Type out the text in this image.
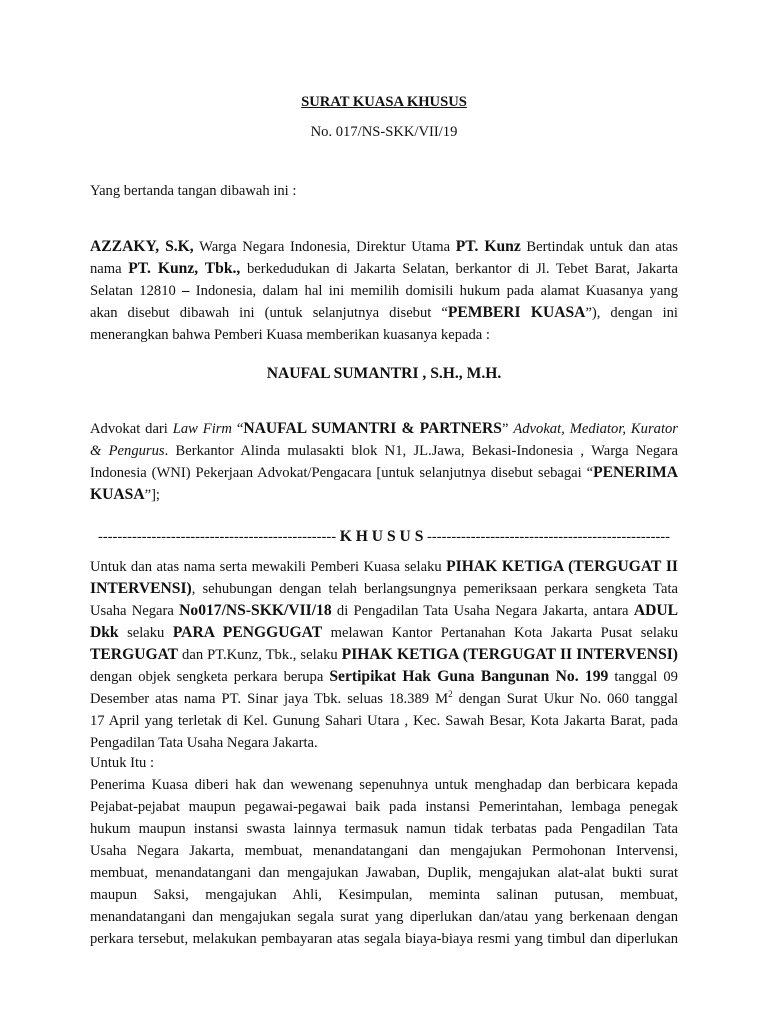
SURAT KUASA KHUSUS

No. 017/NS-SKK/VII/19

Yang bertanda tangan dibawah ini :

AZZAKY, S.K, Warga Negara Indonesia, Direktur Utama PT. Kunz Bertindak untuk dan atas
nama PT. Kunz, Tbk., berkedudukan di Jakarta Selatan, berkantor di Jl. Tebet Barat, Jakarta
Selatan 12810 – Indonesia, dalam hal ini memilih domisili hukum pada alamat Kuasanya yang
akan disebut dibawah ini (untuk selanjutnya disebut “PEMBERI KUASA”), dengan ini
menerangkan bahwa Pemberi Kuasa memberikan kuasanya kepada :

NAUFAL SUMANTRI , S.H., M.H.

Advokat dari Law Firm “NAUFAL SUMANTRI & PARTNERS” Advokat, Mediator, Kurator
& Pengurus. Berkantor Alinda mulasakti blok N1, JL.Jawa, Bekasi-Indonesia , Warga Negara
Indonesia (WNI) Pekerjaan Advokat/Pengacara [untuk selanjutnya disebut sebagai “PENERIMA
KUASA”];

------------------------------------------------- K H U S U S --------------------------------------------------

Untuk dan atas nama serta mewakili Pemberi Kuasa selaku PIHAK KETIGA (TERGUGAT II
INTERVENSI), sehubungan dengan telah berlangsungnya pemeriksaan perkara sengketa Tata
Usaha Negara No017/NS-SKK/VII/18 di Pengadilan Tata Usaha Negara Jakarta, antara ADUL
Dkk selaku PARA PENGGUGAT melawan Kantor Pertanahan Kota Jakarta Pusat selaku
TERGUGAT dan PT.Kunz, Tbk., selaku PIHAK KETIGA (TERGUGAT II INTERVENSI)
dengan objek sengketa perkara berupa Sertipikat Hak Guna Bangunan No. 199 tanggal 09
Desember atas nama PT. Sinar jaya Tbk. seluas 18.389 $M^2$ dengan Surat Ukur No. 060 tanggal
17 April yang terletak di Kel. Gunung Sahari Utara , Kec. Sawah Besar, Kota Jakarta Barat, pada
Pengadilan Tata Usaha Negara Jakarta.

Untuk Itu :

Penerima Kuasa diberi hak dan wewenang sepenuhnya untuk menghadap dan berbicara kepada
Pejabat-pejabat maupun pegawai-pegawai baik pada instansi Pemerintahan, lembaga penegak
hukum maupun instansi swasta lainnya termasuk namun tidak terbatas pada Pengadilan Tata
Usaha Negara Jakarta, membuat, menandatangani dan mengajukan Permohonan Intervensi,
membuat, menandatangani dan mengajukan Jawaban, Duplik, mengajukan alat-alat bukti surat
maupun Saksi, mengajukan Ahli, Kesimpulan, meminta salinan putusan, membuat,
menandatangani dan mengajukan segala surat yang diperlukan dan/atau yang berkenaan dengan
perkara tersebut, melakukan pembayaran atas segala biaya-biaya resmi yang timbul dan diperlukan
